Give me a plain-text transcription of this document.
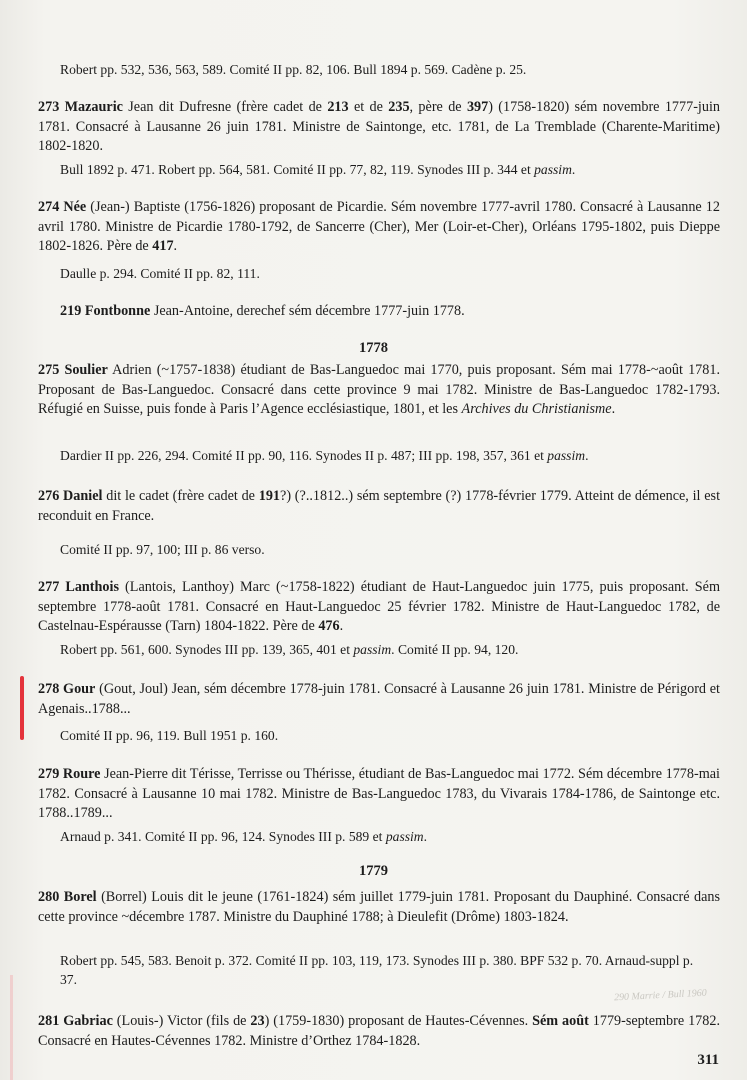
Robert pp. 532, 536, 563, 589. Comité II pp. 82, 106. Bull 1894 p. 569. Cadène p. 25.
273 Mazauric Jean dit Dufresne (frère cadet de 213 et de 235, père de 397) (1758-1820) sém novembre 1777-juin 1781. Consacré à Lausanne 26 juin 1781. Ministre de Saintonge, etc. 1781, de La Tremblade (Charente-Maritime) 1802-1820.
Bull 1892 p. 471. Robert pp. 564, 581. Comité II pp. 77, 82, 119. Synodes III p. 344 et passim.
274 Née (Jean-) Baptiste (1756-1826) proposant de Picardie. Sém novembre 1777-avril 1780. Consacré à Lausanne 12 avril 1780. Ministre de Picardie 1780-1792, de Sancerre (Cher), Mer (Loir-et-Cher), Orléans 1795-1802, puis Dieppe 1802-1826. Père de 417.
Daulle p. 294. Comité II pp. 82, 111.
219 Fontbonne Jean-Antoine, derechef sém décembre 1777-juin 1778.
1778
275 Soulier Adrien (~1757-1838) étudiant de Bas-Languedoc mai 1770, puis proposant. Sém mai 1778-~août 1781. Proposant de Bas-Languedoc. Consacré dans cette province 9 mai 1782. Ministre de Bas-Languedoc 1782-1793. Réfugié en Suisse, puis fonde à Paris l’Agence ecclésiastique, 1801, et les Archives du Christianisme.
Dardier II pp. 226, 294. Comité II pp. 90, 116. Synodes II p. 487; III pp. 198, 357, 361 et passim.
276 Daniel dit le cadet (frère cadet de 191?) (?..1812..) sém septembre (?) 1778-février 1779. Atteint de démence, il est reconduit en France.
Comité II pp. 97, 100; III p. 86 verso.
277 Lanthois (Lantois, Lanthoy) Marc (~1758-1822) étudiant de Haut-Languedoc juin 1775, puis proposant. Sém septembre 1778-août 1781. Consacré en Haut-Languedoc 25 février 1782. Ministre de Haut-Languedoc 1782, de Castelnau-Espérausse (Tarn) 1804-1822. Père de 476.
Robert pp. 561, 600. Synodes III pp. 139, 365, 401 et passim. Comité II pp. 94, 120.
278 Gour (Gout, Joul) Jean, sém décembre 1778-juin 1781. Consacré à Lausanne 26 juin 1781. Ministre de Périgord et Agenais..1788...
Comité II pp. 96, 119. Bull 1951 p. 160.
279 Roure Jean-Pierre dit Térisse, Terrisse ou Thérisse, étudiant de Bas-Languedoc mai 1772. Sém décembre 1778-mai 1782. Consacré à Lausanne 10 mai 1782. Ministre de Bas-Languedoc 1783, du Vivarais 1784-1786, de Saintonge etc. 1788..1789...
Arnaud p. 341. Comité II pp. 96, 124. Synodes III p. 589 et passim.
1779
280 Borel (Borrel) Louis dit le jeune (1761-1824) sém juillet 1779-juin 1781. Proposant du Dauphiné. Consacré dans cette province ~décembre 1787. Ministre du Dauphiné 1788; à Dieulefit (Drôme) 1803-1824.
Robert pp. 545, 583. Benoit p. 372. Comité II pp. 103, 119, 173. Synodes III p. 380. BPF 532 p. 70. Arnaud-suppl p. 37.
281 Gabriac (Louis-) Victor (fils de 23) (1759-1830) proposant de Hautes-Cévennes. Sém août 1779-septembre 1782. Consacré en Hautes-Cévennes 1782. Ministre d’Orthez 1784-1828.
290 Marrie / Bull 1960
311
